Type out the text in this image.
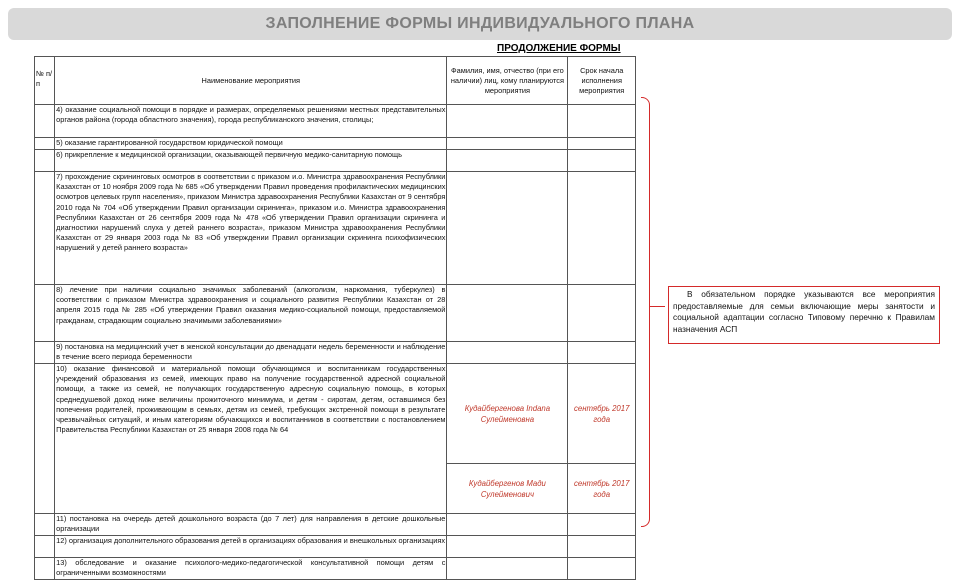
ЗАПОЛНЕНИЕ ФОРМЫ ИНДИВИДУАЛЬНОГО ПЛАНА
ПРОДОЛЖЕНИЕ ФОРМЫ
№ п/п	Наименование мероприятия	Фамилия, имя, отчество (при его наличии) лиц, кому планируются мероприятия	Срок начала исполнения мероприятия
	4) оказание социальной помощи в порядке и размерах, определяемых решениями местных представительных органов района (города областного значения), города республиканского значения, столицы;		
	5) оказание гарантированной государством юридической помощи		
	6) прикрепление к медицинской организации, оказывающей первичную медико-санитарную помощь		
	7) прохождение скрининговых осмотров в соответствии с приказом и.о. Министра здравоохранения Республики Казахстан от 10 ноября 2009 года № 685 «Об утверждении Правил проведения профилактических медицинских осмотров целевых групп населения», приказом Министра здравоохранения Республики Казахстан от 9 сентября 2010 года № 704 «Об утверждении Правил организации скрининга», приказом и.о. Министра здравоохранения Республики Казахстан от 26 сентября 2009 года № 478 «Об утверждении Правил организации скрининга и диагностики нарушений слуха у детей раннего возраста», приказом Министра здравоохранения Республики Казахстан от 29 января 2003 года № 83 «Об утверждении Правил организации скрининга психофизических нарушений у детей раннего возраста»		
	8) лечение при наличии социально значимых заболеваний (алкоголизм, наркомания, туберкулез) в соответствии с приказом Министра здравоохранения и социального развития Республики Казахстан от 28 апреля 2015 года № 285 «Об утверждении Правил оказания медико-социальной помощи, предоставляемой гражданам, страдающим социально значимыми заболеваниями»		
	9) постановка на медицинский учет в женской консультации до двенадцати недель беременности и наблюдение в течение всего периода беременности		
	10) оказание финансовой и материальной помощи обучающимся и воспитанникам государственных учреждений образования из семей, имеющих право на получение государственной адресной социальной помощи, а также из семей, не получающих государственную адресную социальную помощь, в которых среднедушевой доход ниже величины прожиточного минимума, и детям - сиротам, детям, оставшимся без попечения родителей, проживающим в семьях, детям из семей, требующих экстренной помощи в результате чрезвычайных ситуаций, и иным категориям обучающихся и воспитанников в соответствии с постановлением Правительства Республики Казахстан от 25 января 2008 года № 64	Кудайбергенова Indana Сулейменовна	сентябрь 2017 года
		Кудайбергенов Мади Сулейменович	сентябрь 2017 года
	11) постановка на очередь детей дошкольного возраста (до 7 лет) для направления в детские дошкольные организации		
	12) организация дополнительного образования детей в организациях образования и внешкольных организациях		
	13) обследование и оказание психолого-медико-педагогической консультативной помощи детям с ограниченными возможностями		
В обязательном порядке указываются все мероприятия предоставляемые для семьи включающие меры занятости и социальной адаптации согласно Типовому перечню к Правилам назначения АСП
